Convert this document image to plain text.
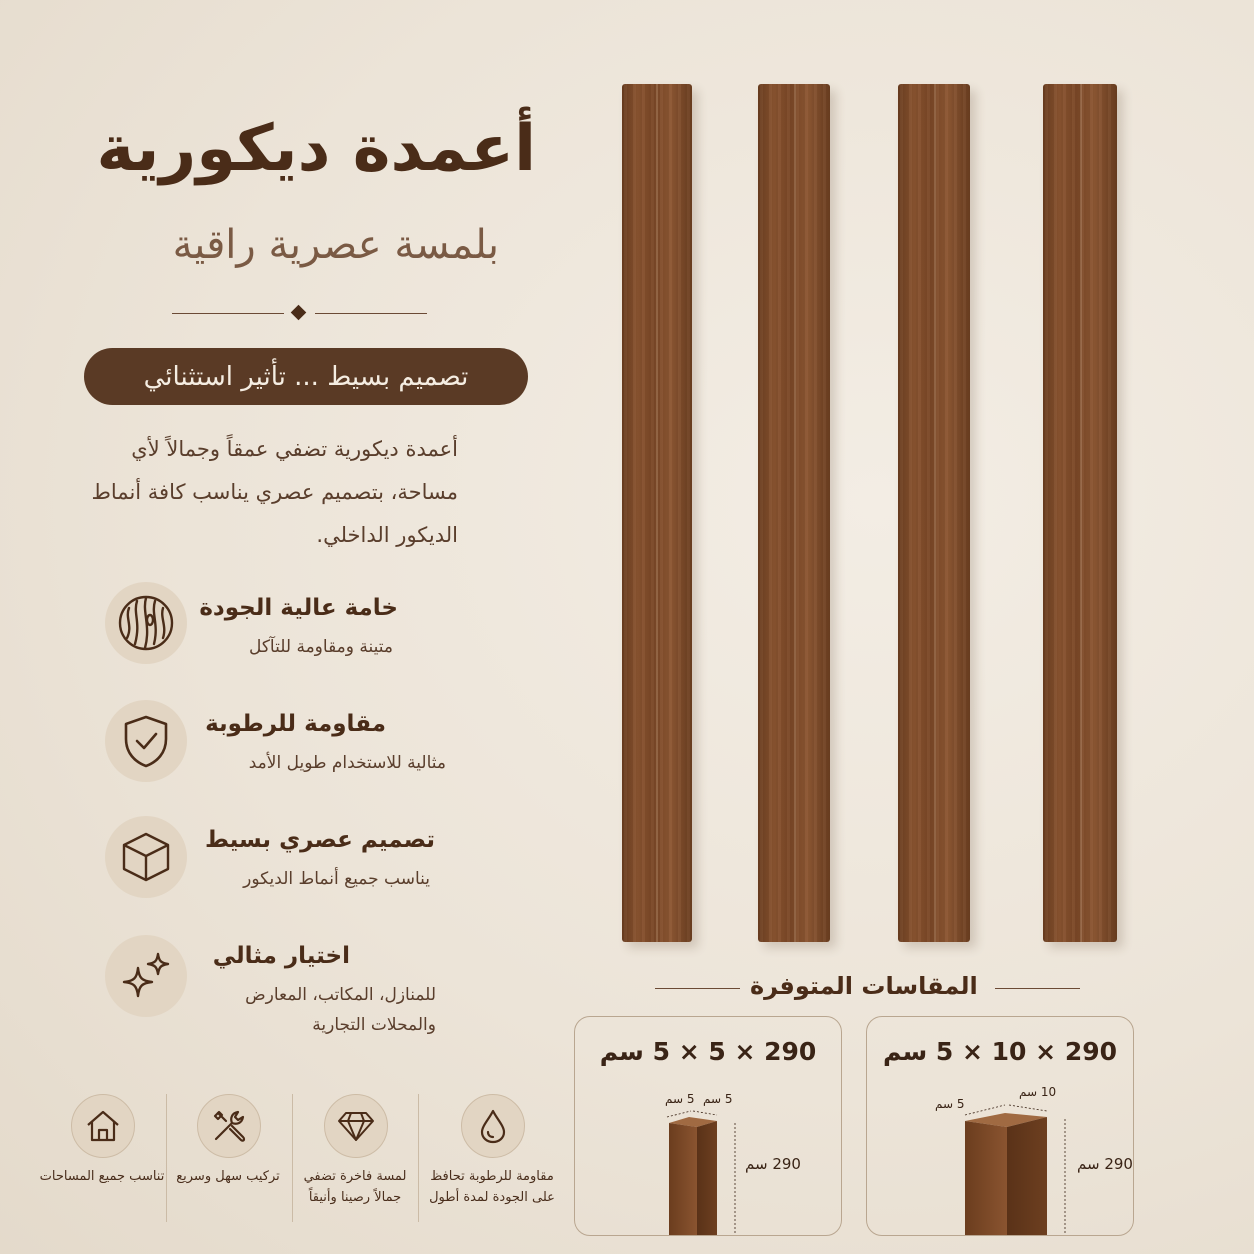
أعمدة ديكورية
بلمسة عصرية راقية
تصميم بسيط ... تأثير استثنائي
أعمدة ديكورية تضفي عمقاً وجمالاً لأي مساحة، بتصميم عصري يناسب كافة أنماط الديكور الداخلي.
خامة عالية الجودة
متينة ومقاومة للتآكل
مقاومة للرطوبة
مثالية للاستخدام طويل الأمد
تصميم عصري بسيط
يناسب جميع أنماط الديكور
اختيار مثالي
للمنازل، المكاتب، المعارض والمحلات التجارية
مقاومة للرطوبة تحافظ على الجودة لمدة أطول
لمسة فاخرة تضفي جمالاً رصينا وأنيقاً
تركيب سهل وسريع
تناسب جميع المساحات
المقاسات المتوفرة
290 × 10 × 5 سم
10 سم
5 سم
290 سم
290 × 5 × 5 سم
5 سم
5 سم
290 سم
